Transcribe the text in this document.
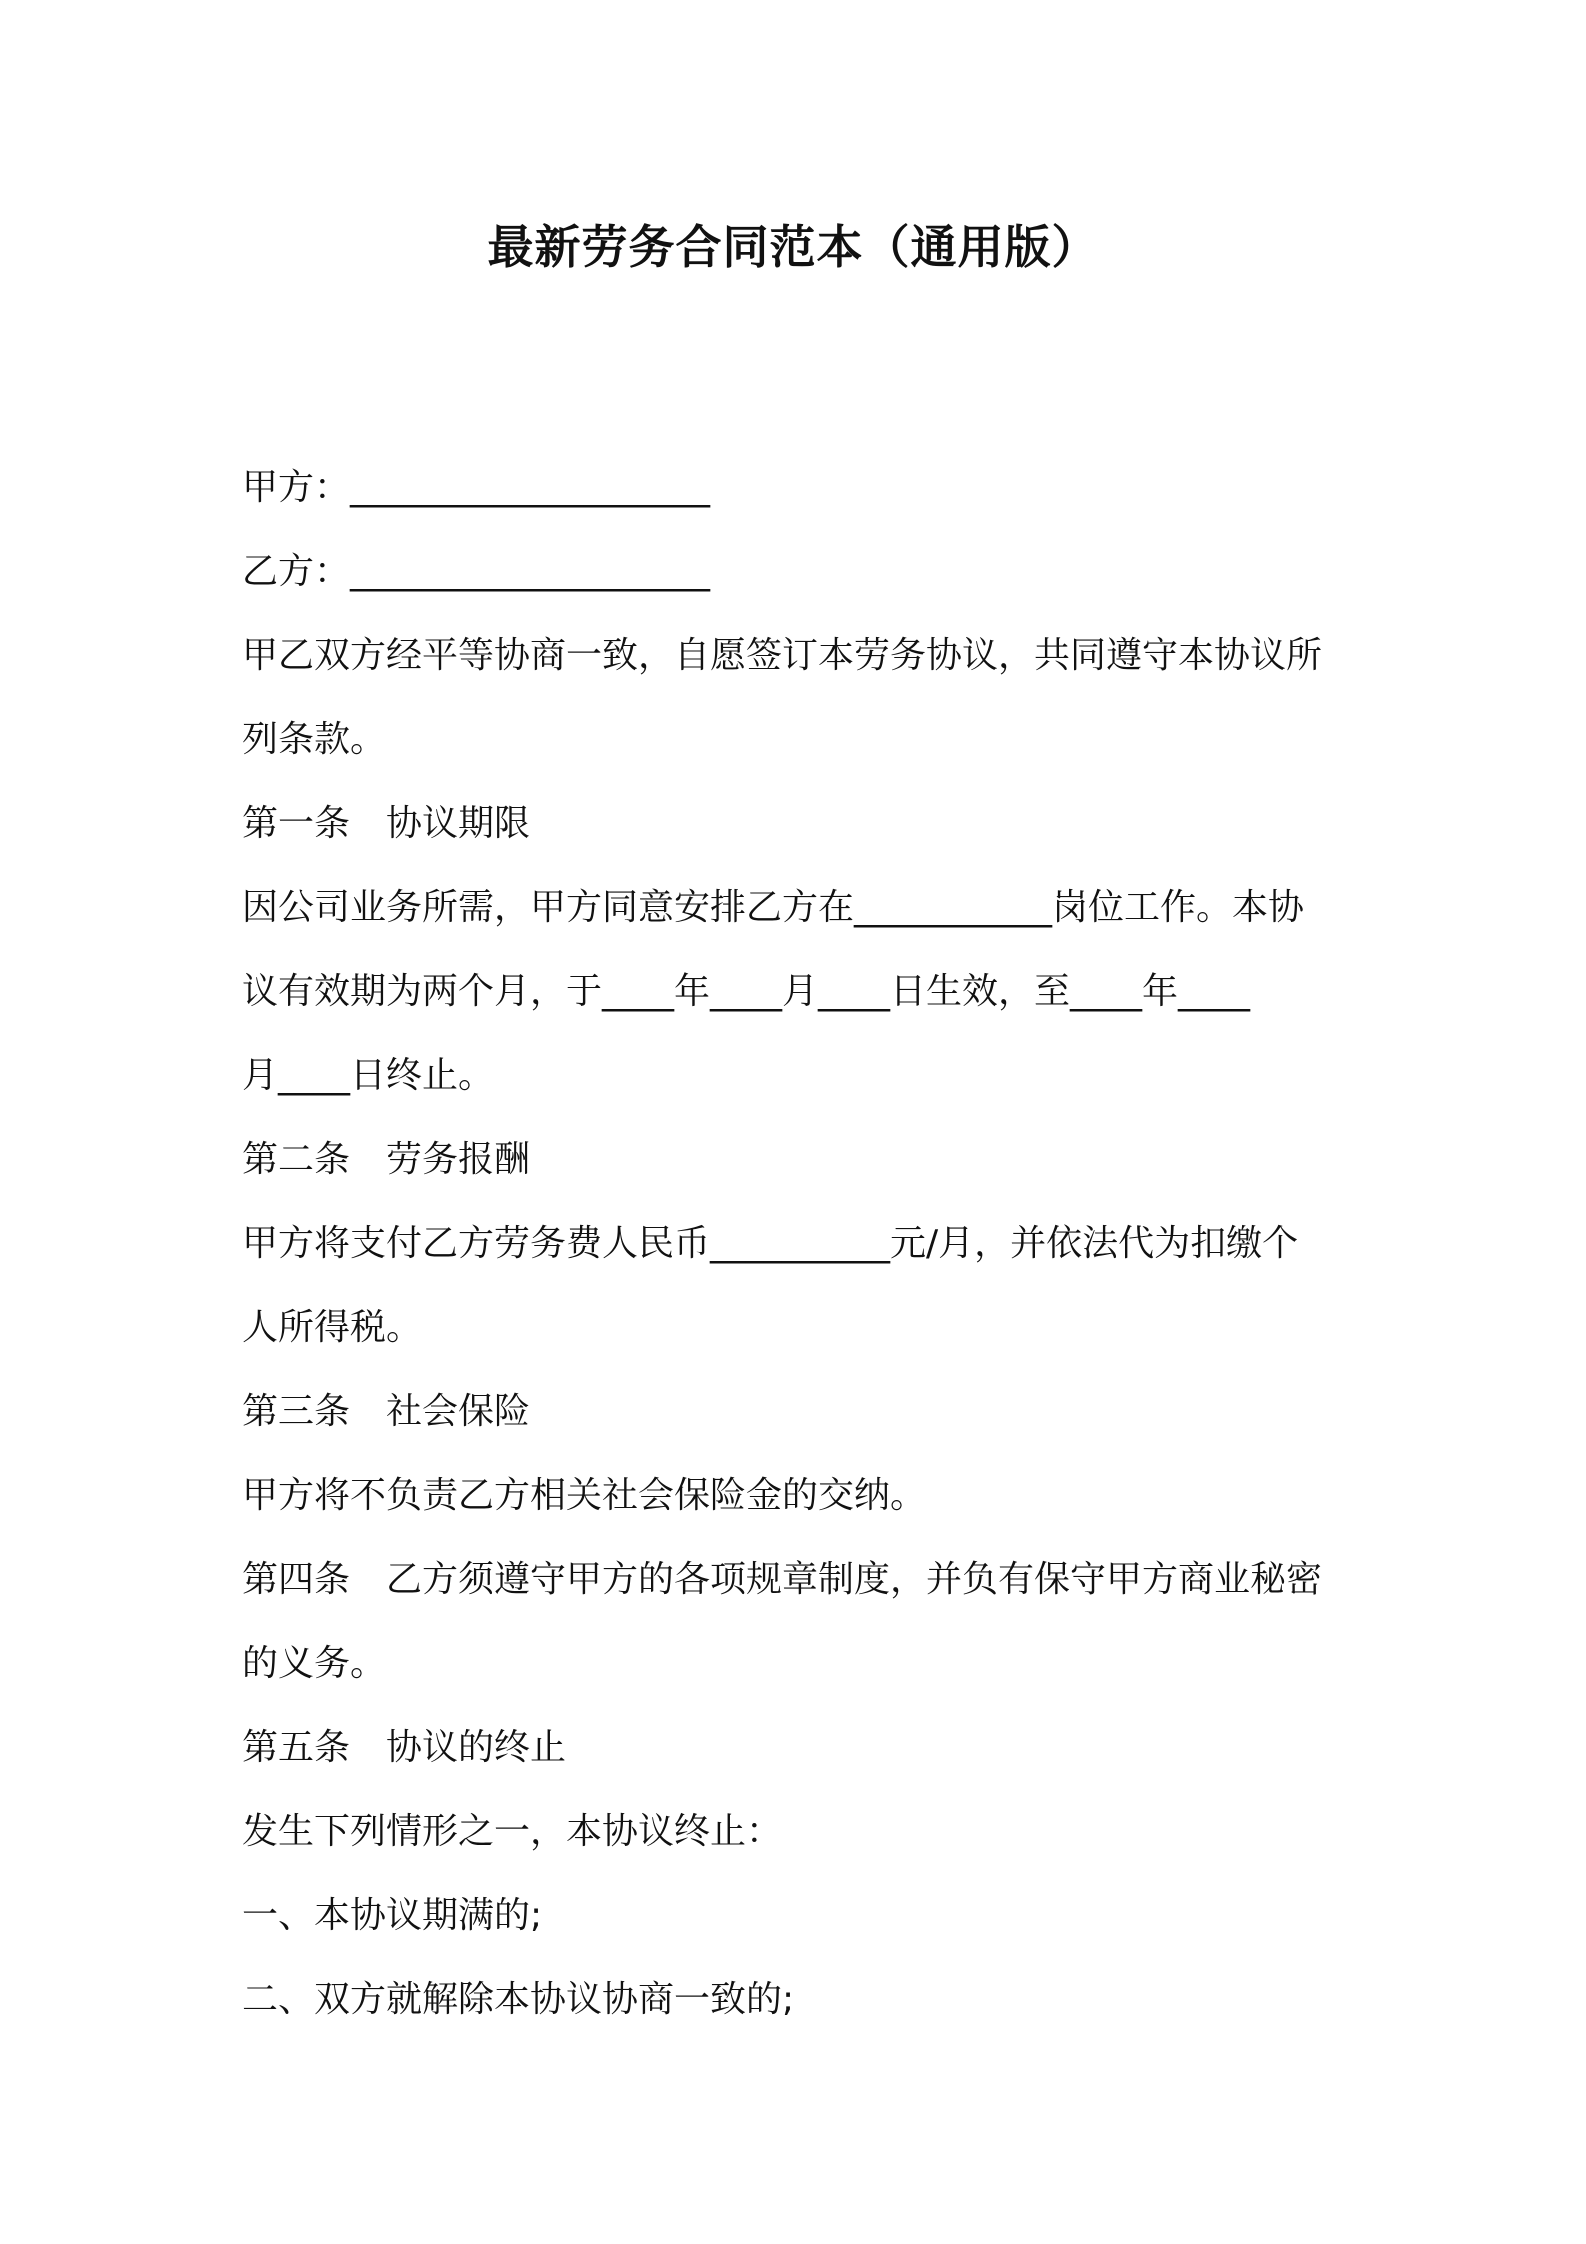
最新劳务合同范本（通用版）

甲方：____________________

乙方：____________________

甲乙双方经平等协商一致，自愿签订本劳务协议，共同遵守本协议所

列条款。

第一条　协议期限

因公司业务所需，甲方同意安排乙方在___________岗位工作。本协

议有效期为两个月，于____年____月____日生效，至____年____

月____日终止。

第二条　劳务报酬

甲方将支付乙方劳务费人民币__________元/月，并依法代为扣缴个

人所得税。

第三条　社会保险

甲方将不负责乙方相关社会保险金的交纳。

第四条　乙方须遵守甲方的各项规章制度，并负有保守甲方商业秘密

的义务。

第五条　协议的终止

发生下列情形之一，本协议终止：

一、本协议期满的;

二、双方就解除本协议协商一致的;
